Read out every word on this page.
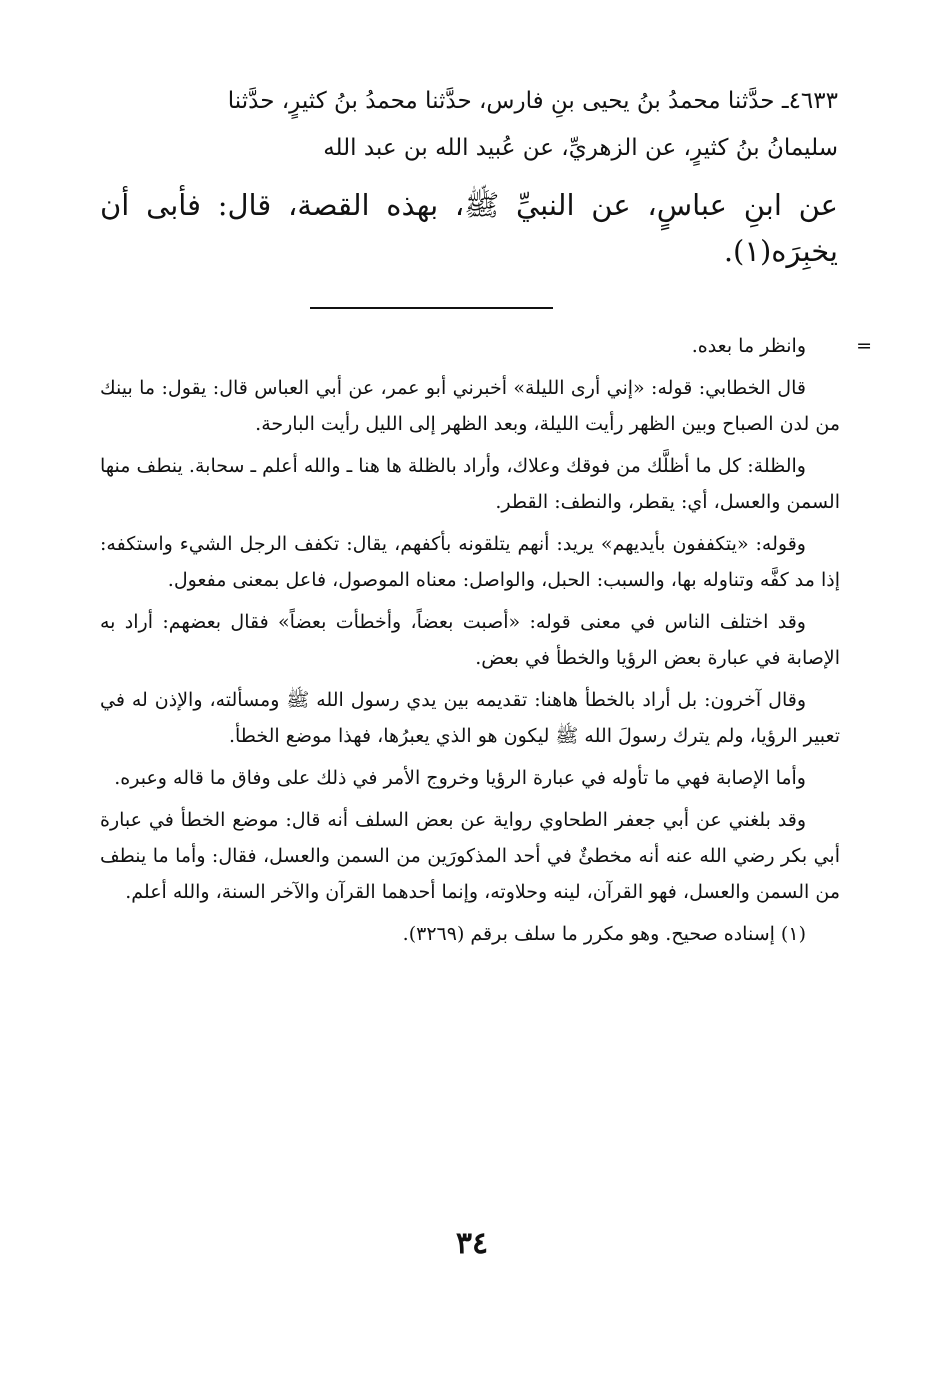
٤٦٣٣ـ حدَّثنا محمدُ بنُ يحيى بنِ فارس، حدَّثنا محمدُ بنُ كثيرٍ، حدَّثنا
سليمانُ بنُ كثيرٍ، عن الزهريِّ، عن عُبيد الله بن عبد الله

عن ابنِ عباسٍ، عن النبيِّ ﷺ، بهذه القصة، قال: فأبى أن يخبِرَه(١).
=

وانظر ما بعده.

قال الخطابي: قوله: «إني أرى الليلة» أخبرني أبو عمر، عن أبي العباس قال: يقول: ما بينك من لدن الصباح وبين الظهر رأيت الليلة، وبعد الظهر إلى الليل رأيت البارحة.

والظلة: كل ما أظلَّك من فوقك وعلاك، وأراد بالظلة ها هنا ـ والله أعلم ـ سحابة. ينطف منها السمن والعسل، أي: يقطر، والنطف: القطر.

وقوله: «يتكففون بأيديهم» يريد: أنهم يتلقونه بأكفهم، يقال: تكفف الرجل الشيء واستكفه: إذا مد كفَّه وتناوله بها، والسبب: الحبل، والواصل: معناه الموصول، فاعل بمعنى مفعول.

وقد اختلف الناس في معنى قوله: «أصبت بعضاً، وأخطأت بعضاً» فقال بعضهم: أراد به الإصابة في عبارة بعض الرؤيا والخطأ في بعض.

وقال آخرون: بل أراد بالخطأ هاهنا: تقديمه بين يدي رسول الله ﷺ ومسألته، والإذن له في تعبير الرؤيا، ولم يترك رسولَ الله ﷺ ليكون هو الذي يعبرُها، فهذا موضع الخطأ.

وأما الإصابة فهي ما تأوله في عبارة الرؤيا وخروج الأمر في ذلك على وفاق ما قاله وعبره.

وقد بلغني عن أبي جعفر الطحاوي رواية عن بعض السلف أنه قال: موضع الخطأ في عبارة أبي بكر رضي الله عنه أنه مخطئٌ في أحد المذكورَين من السمن والعسل، فقال: وأما ما ينطف من السمن والعسل، فهو القرآن، لينه وحلاوته، وإنما أحدهما القرآن والآخر السنة، والله أعلم.

(١) إسناده صحيح. وهو مكرر ما سلف برقم (٣٢٦٩).

٣٤
